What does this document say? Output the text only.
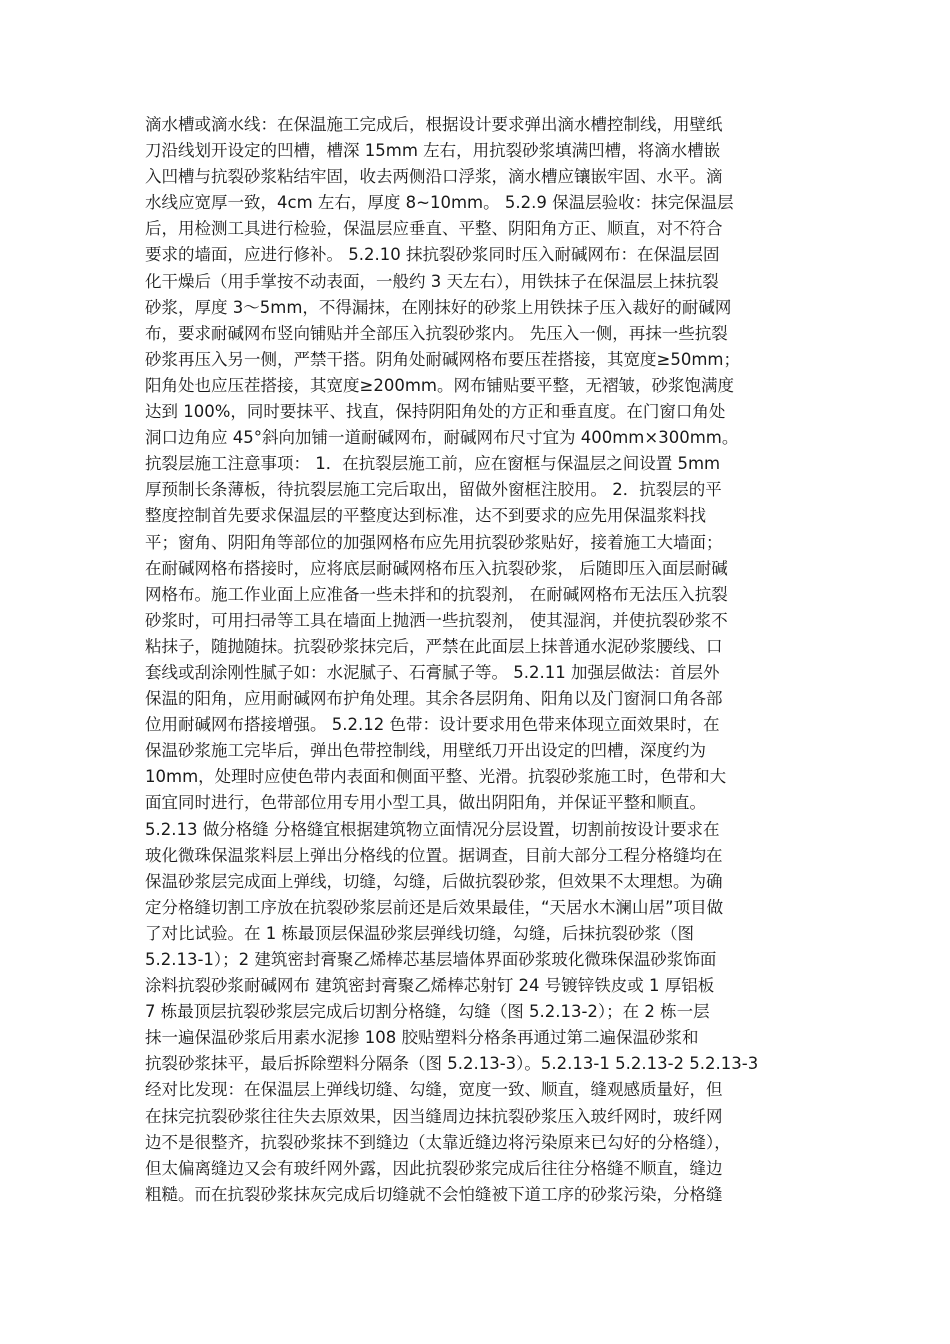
滴水槽或滴水线：在保温施工完成后，根据设计要求弹出滴水槽控制线，用壁纸
刀沿线划开设定的凹槽，槽深 15mm 左右，用抗裂砂浆填满凹槽，将滴水槽嵌
入凹槽与抗裂砂浆粘结牢固，收去两侧沿口浮浆，滴水槽应镶嵌牢固、水平。滴
水线应宽厚一致，4cm 左右，厚度 8~10mm。 5.2.9 保温层验收：抹完保温层
后，用检测工具进行检验，保温层应垂直、平整、阴阳角方正、顺直，对不符合
要求的墙面，应进行修补。 5.2.10 抹抗裂砂浆同时压入耐碱网布：在保温层固
化干燥后（用手掌按不动表面，一般约 3 天左右），用铁抹子在保温层上抹抗裂
砂浆，厚度 3～5mm，不得漏抹，在刚抹好的砂浆上用铁抹子压入裁好的耐碱网
布，要求耐碱网布竖向铺贴并全部压入抗裂砂浆内。 先压入一侧，再抹一些抗裂
砂浆再压入另一侧，严禁干搭。阴角处耐碱网格布要压茬搭接，其宽度≥50mm；
阳角处也应压茬搭接，其宽度≥200mm。网布铺贴要平整，无褶皱，砂浆饱满度
达到 100%，同时要抹平、找直，保持阴阳角处的方正和垂直度。在门窗口角处
洞口边角应 45°斜向加铺一道耐碱网布，耐碱网布尺寸宜为 400mm×300mm。
抗裂层施工注意事项： 1．在抗裂层施工前，应在窗框与保温层之间设置 5mm
厚预制长条薄板，待抗裂层施工完后取出，留做外窗框注胶用。 2．抗裂层的平
整度控制首先要求保温层的平整度达到标准，达不到要求的应先用保温浆料找
平；窗角、阴阳角等部位的加强网格布应先用抗裂砂浆贴好，接着施工大墙面；
在耐碱网格布搭接时，应将底层耐碱网格布压入抗裂砂浆， 后随即压入面层耐碱
网格布。施工作业面上应准备一些未拌和的抗裂剂， 在耐碱网格布无法压入抗裂
砂浆时，可用扫帚等工具在墙面上抛洒一些抗裂剂， 使其湿润，并使抗裂砂浆不
粘抹子，随抛随抹。抗裂砂浆抹完后，严禁在此面层上抹普通水泥砂浆腰线、口
套线或刮涂刚性腻子如：水泥腻子、石膏腻子等。 5.2.11 加强层做法：首层外
保温的阳角，应用耐碱网布护角处理。其余各层阴角、阳角以及门窗洞口角各部
位用耐碱网布搭接增强。 5.2.12 色带：设计要求用色带来体现立面效果时，在
保温砂浆施工完毕后，弹出色带控制线，用壁纸刀开出设定的凹槽，深度约为
10mm，处理时应使色带内表面和侧面平整、光滑。抗裂砂浆施工时，色带和大
面宜同时进行，色带部位用专用小型工具，做出阴阳角，并保证平整和顺直。
5.2.13 做分格缝 分格缝宜根据建筑物立面情况分层设置，切割前按设计要求在
玻化微珠保温浆料层上弹出分格线的位置。据调查，目前大部分工程分格缝均在
保温砂浆层完成面上弹线，切缝，勾缝，后做抗裂砂浆，但效果不太理想。为确
定分格缝切割工序放在抗裂砂浆层前还是后效果最佳，“天居水木澜山居”项目做
了对比试验。在 1 栋最顶层保温砂浆层弹线切缝，勾缝，后抹抗裂砂浆（图
5.2.13-1）；2 建筑密封膏聚乙烯棒芯基层墙体界面砂浆玻化微珠保温砂浆饰面
涂料抗裂砂浆耐碱网布 建筑密封膏聚乙烯棒芯射钉 24 号镀锌铁皮或 1 厚铝板
7 栋最顶层抗裂砂浆层完成后切割分格缝，勾缝（图 5.2.13-2）；在 2 栋一层
抹一遍保温砂浆后用素水泥掺 108 胶贴塑料分格条再通过第二遍保温砂浆和
抗裂砂浆抹平，最后拆除塑料分隔条（图 5.2.13-3）。5.2.13-1 5.2.13-2 5.2.13-3
经对比发现：在保温层上弹线切缝、勾缝，宽度一致、顺直，缝观感质量好，但
在抹完抗裂砂浆往往失去原效果，因当缝周边抹抗裂砂浆压入玻纤网时，玻纤网
边不是很整齐，抗裂砂浆抹不到缝边（太靠近缝边将污染原来已勾好的分格缝），
但太偏离缝边又会有玻纤网外露，因此抗裂砂浆完成后往往分格缝不顺直，缝边
粗糙。而在抗裂砂浆抹灰完成后切缝就不会怕缝被下道工序的砂浆污染，分格缝
